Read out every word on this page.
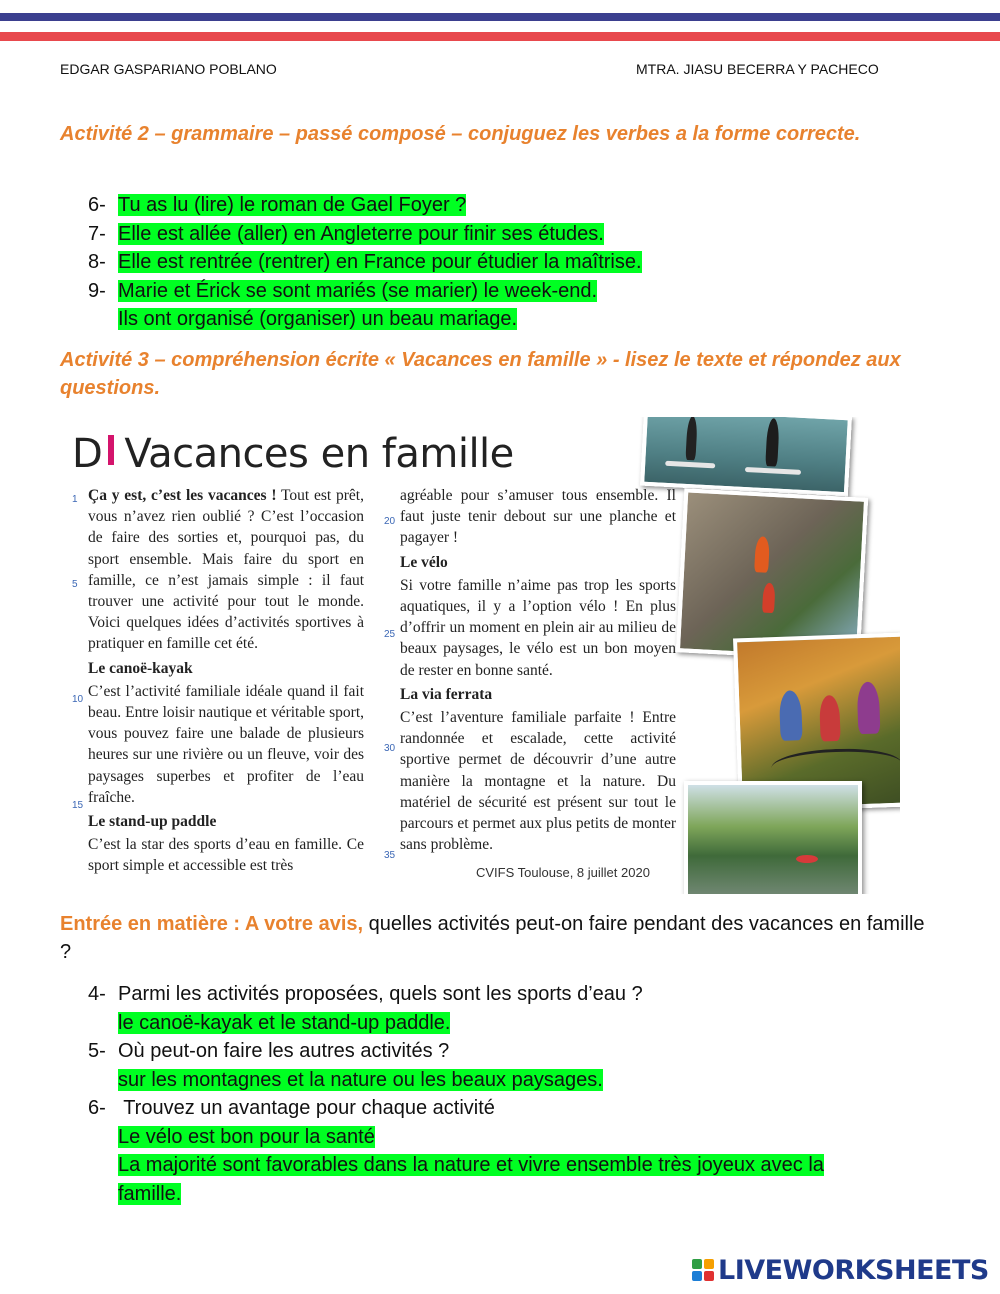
EDGAR GASPARIANO POBLANO	MTRA. JIASU BECERRA Y PACHECO
Activité 2 – grammaire – passé composé – conjuguez les verbes a la forme correcte.
6- Tu as lu (lire) le roman de Gael Foyer ?
7- Elle est allée (aller) en Angleterre pour finir ses études.
8- Elle est rentrée (rentrer) en France pour étudier la maîtrise.
9- Marie et Érick se sont mariés (se marier) le week-end.
Ils ont organisé (organiser) un beau mariage.
Activité 3 – compréhension écrite « Vacances en famille » - lisez le texte et répondez aux questions.
D Vacances en famille
1
5
10
15

Ça y est, c’est les vacances ! Tout est prêt, vous n’avez rien oublié ? C’est l’occasion de faire des sorties et, pourquoi pas, du sport ensemble. Mais faire du sport en famille, ce n’est jamais simple : il faut trouver une activité pour tout le monde. Voici quelques idées d’activités sportives à pratiquer en famille cet été.

Le canoë-kayak

C’est l’activité familiale idéale quand il fait beau. Entre loisir nautique et véritable sport, vous pouvez faire une balade de plusieurs heures sur une rivière ou un fleuve, voir des paysages superbes et profiter de l’eau fraîche.

Le stand-up paddle

C’est la star des sports d’eau en famille. Ce sport simple et accessible est très

20
25
30
35

agréable pour s’amuser tous ensemble. Il faut juste tenir debout sur une planche et pagayer !

Le vélo

Si votre famille n’aime pas trop les sports aquatiques, il y a l’option vélo ! En plus d’offrir un moment en plein air au milieu de beaux paysages, le vélo est un bon moyen de rester en bonne santé.

La via ferrata

C’est l’aventure familiale parfaite ! Entre randonnée et escalade, cette activité sportive permet de découvrir d’une autre manière la montagne et la nature. Du matériel de sécurité est présent sur tout le parcours et permet aux plus petits de monter sans problème.

CVIFS Toulouse, 8 juillet 2020
Entrée en matière : A votre avis, quelles activités peut-on faire pendant des vacances en famille ?
4- Parmi les activités proposées, quels sont les sports d’eau ?
le canoë-kayak et le stand-up paddle.
5- Où peut-on faire les autres activités ?
sur les montagnes et la nature ou les beaux paysages.
6- Trouvez un avantage pour chaque activité
Le vélo est bon pour la santé
La majorité sont favorables dans la nature et vivre ensemble très joyeux avec la
famille.
LIVEWORKSHEETS
